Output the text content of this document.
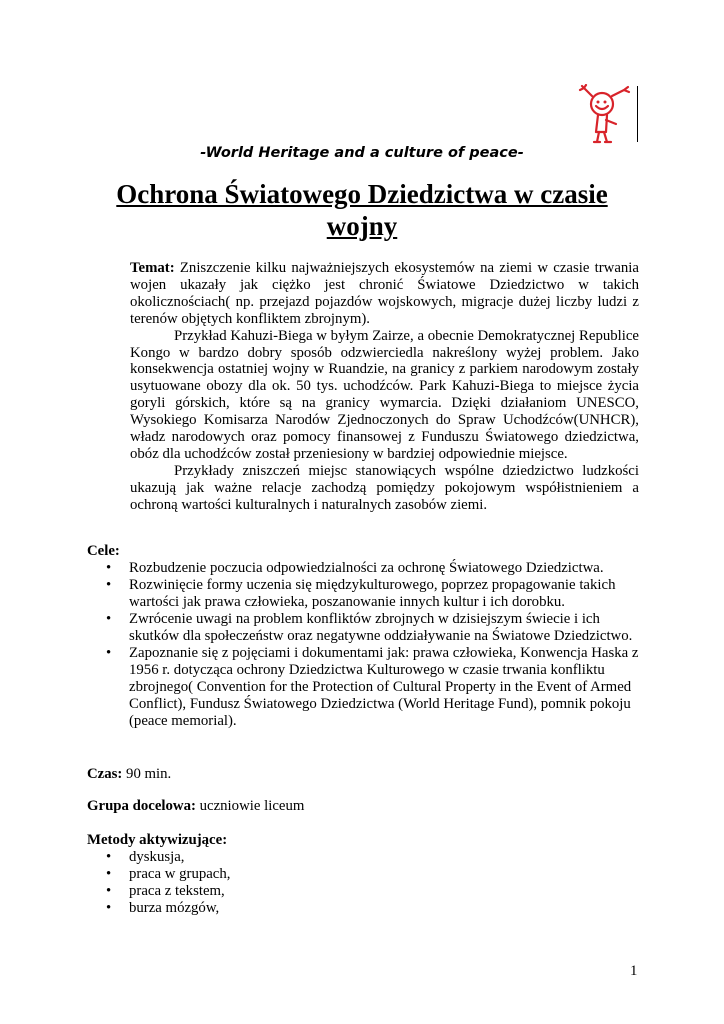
-World Heritage and a culture of peace-
Ochrona Światowego Dziedzictwa w czasie wojny

Temat: Zniszczenie kilku najważniejszych ekosystemów na ziemi w czasie trwania wojen ukazały jak ciężko jest chronić Światowe Dziedzictwo w takich okolicznościach( np. przejazd pojazdów wojskowych, migracje dużej liczby ludzi z terenów objętych konfliktem zbrojnym).

Przykład Kahuzi-Biega w byłym Zairze, a obecnie Demokratycznej Republice Kongo w bardzo dobry sposób odzwierciedla nakreślony wyżej problem. Jako konsekwencja ostatniej wojny w Ruandzie, na granicy z parkiem narodowym zostały usytuowane obozy dla ok. 50 tys. uchodźców. Park Kahuzi-Biega to miejsce życia goryli górskich, które są na granicy wymarcia. Dzięki działaniom UNESCO, Wysokiego Komisarza Narodów Zjednoczonych do Spraw Uchodźców(UNHCR), władz narodowych oraz pomocy finansowej z Funduszu Światowego dziedzictwa, obóz dla uchodźców został przeniesiony w bardziej odpowiednie miejsce.

Przykłady zniszczeń miejsc stanowiących wspólne dziedzictwo ludzkości ukazują jak ważne relacje zachodzą pomiędzy pokojowym współistnieniem a ochroną wartości kulturalnych i naturalnych zasobów ziemi.

Cele:
• Rozbudzenie poczucia odpowiedzialności za ochronę Światowego Dziedzictwa.
• Rozwinięcie formy uczenia się międzykulturowego, poprzez propagowanie takich wartości jak prawa człowieka, poszanowanie innych kultur i ich dorobku.
• Zwrócenie uwagi na problem konfliktów zbrojnych w dzisiejszym świecie i ich skutków dla społeczeństw oraz negatywne oddziaływanie na Światowe Dziedzictwo.
• Zapoznanie się z pojęciami i dokumentami jak: prawa człowieka, Konwencja Haska z 1956 r. dotycząca ochrony Dziedzictwa Kulturowego w czasie trwania konfliktu zbrojnego( Convention for the Protection of Cultural Property in the Event of Armed Conflict), Fundusz Światowego Dziedzictwa (World Heritage Fund), pomnik pokoju (peace memorial).
Czas: 90 min.
Grupa docelowa: uczniowie liceum
Metody aktywizujące:
• dyskusja,
• praca w grupach,
• praca z tekstem,
• burza mózgów,
1
